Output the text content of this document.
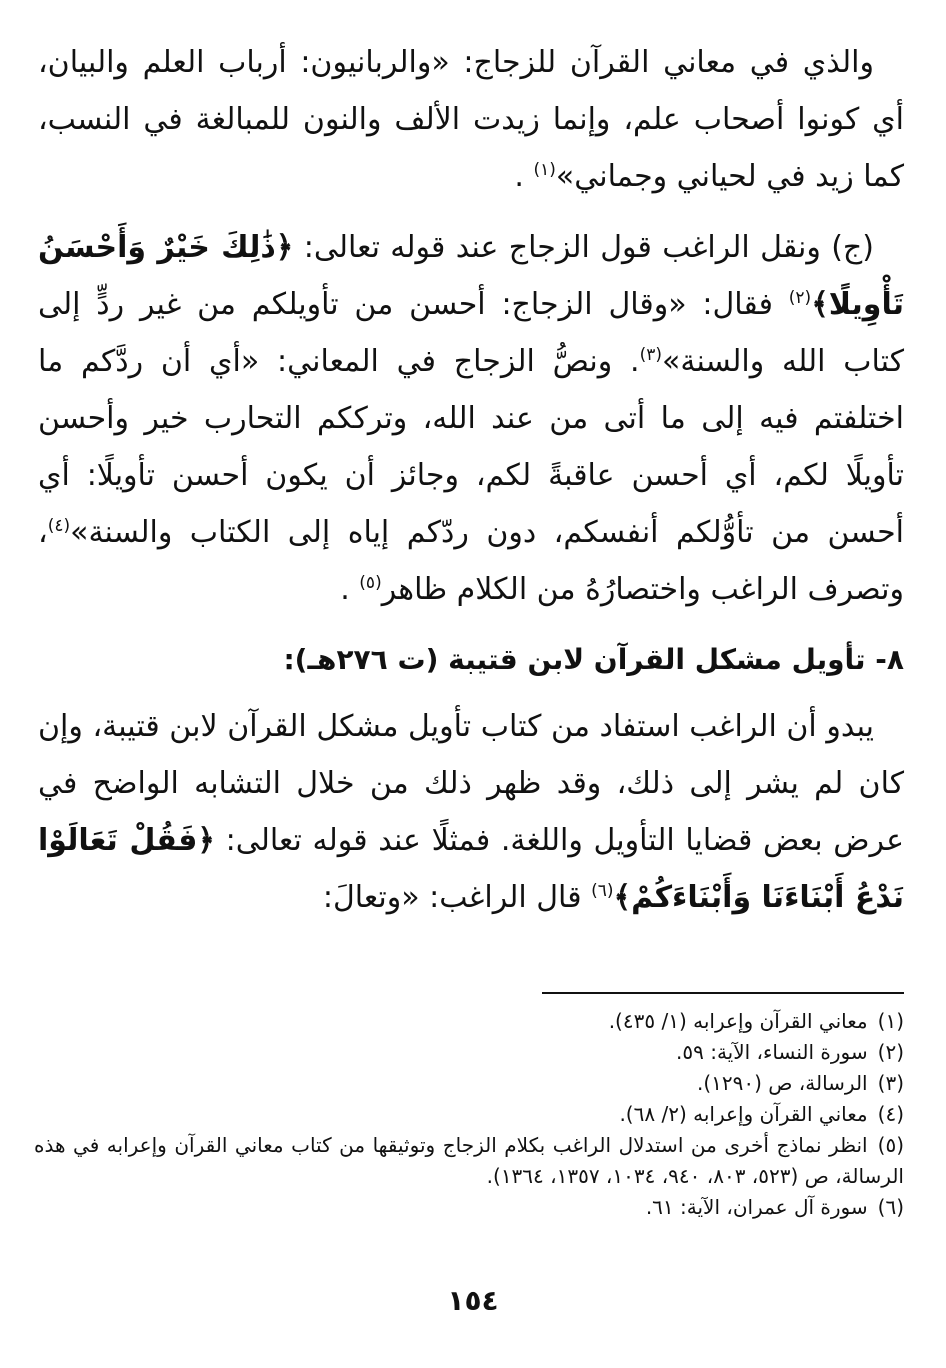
والذي في معاني القرآن للزجاج: «والربانيون: أرباب العلم والبيان، أي كونوا أصحاب علم، وإنما زيدت الألف والنون للمبالغة في النسب، كما زيد في لحياني وجماني»$^{(١)}$ .

(ج) ونقل الراغب قول الزجاج عند قوله تعالى: ﴿ذَٰلِكَ خَيْرٌ وَأَحْسَنُ تَأْوِيلًا﴾$^{(٢)}$ فقال: «وقال الزجاج: أحسن من تأويلكم من غير ردٍّ إلى كتاب الله والسنة»$^{(٣)}$. ونصُّ الزجاج في المعاني: «أي أن ردَّكم ما اختلفتم فيه إلى ما أتى من عند الله، وترككم التحارب خير وأحسن تأويلًا لكم، أي أحسن عاقبةً لكم، وجائز أن يكون أحسن تأويلًا: أي أحسن من تأوُّلكم أنفسكم، دون ردّكم إياه إلى الكتاب والسنة»$^{(٤)}$، وتصرف الراغب واختصارُهُ من الكلام ظاهر$^{(٥)}$ .

٨- تأويل مشكل القرآن لابن قتيبة (ت ٢٧٦هـ):

يبدو أن الراغب استفاد من كتاب تأويل مشكل القرآن لابن قتيبة، وإن كان لم يشر إلى ذلك، وقد ظهر ذلك من خلال التشابه الواضح في عرض بعض قضايا التأويل واللغة. فمثلًا عند قوله تعالى: ﴿فَقُلْ تَعَالَوْا نَدْعُ أَبْنَاءَنَا وَأَبْنَاءَكُمْ﴾$^{(٦)}$ قال الراغب: «وتعالَ:

(١)معاني القرآن وإعرابه (١/ ٤٣٥).

(٢)سورة النساء، الآية: ٥٩.

(٣)الرسالة، ص (١٢٩٠).

(٤)معاني القرآن وإعرابه (٢/ ٦٨).

(٥)انظر نماذج أخرى من استدلال الراغب بكلام الزجاج وتوثيقها من كتاب معاني القرآن وإعرابه في هذه الرسالة، ص (٥٢٣، ٨٠٣، ٩٤٠، ١٠٣٤، ١٣٥٧، ١٣٦٤).

(٦)سورة آل عمران، الآية: ٦١.

١٥٤
